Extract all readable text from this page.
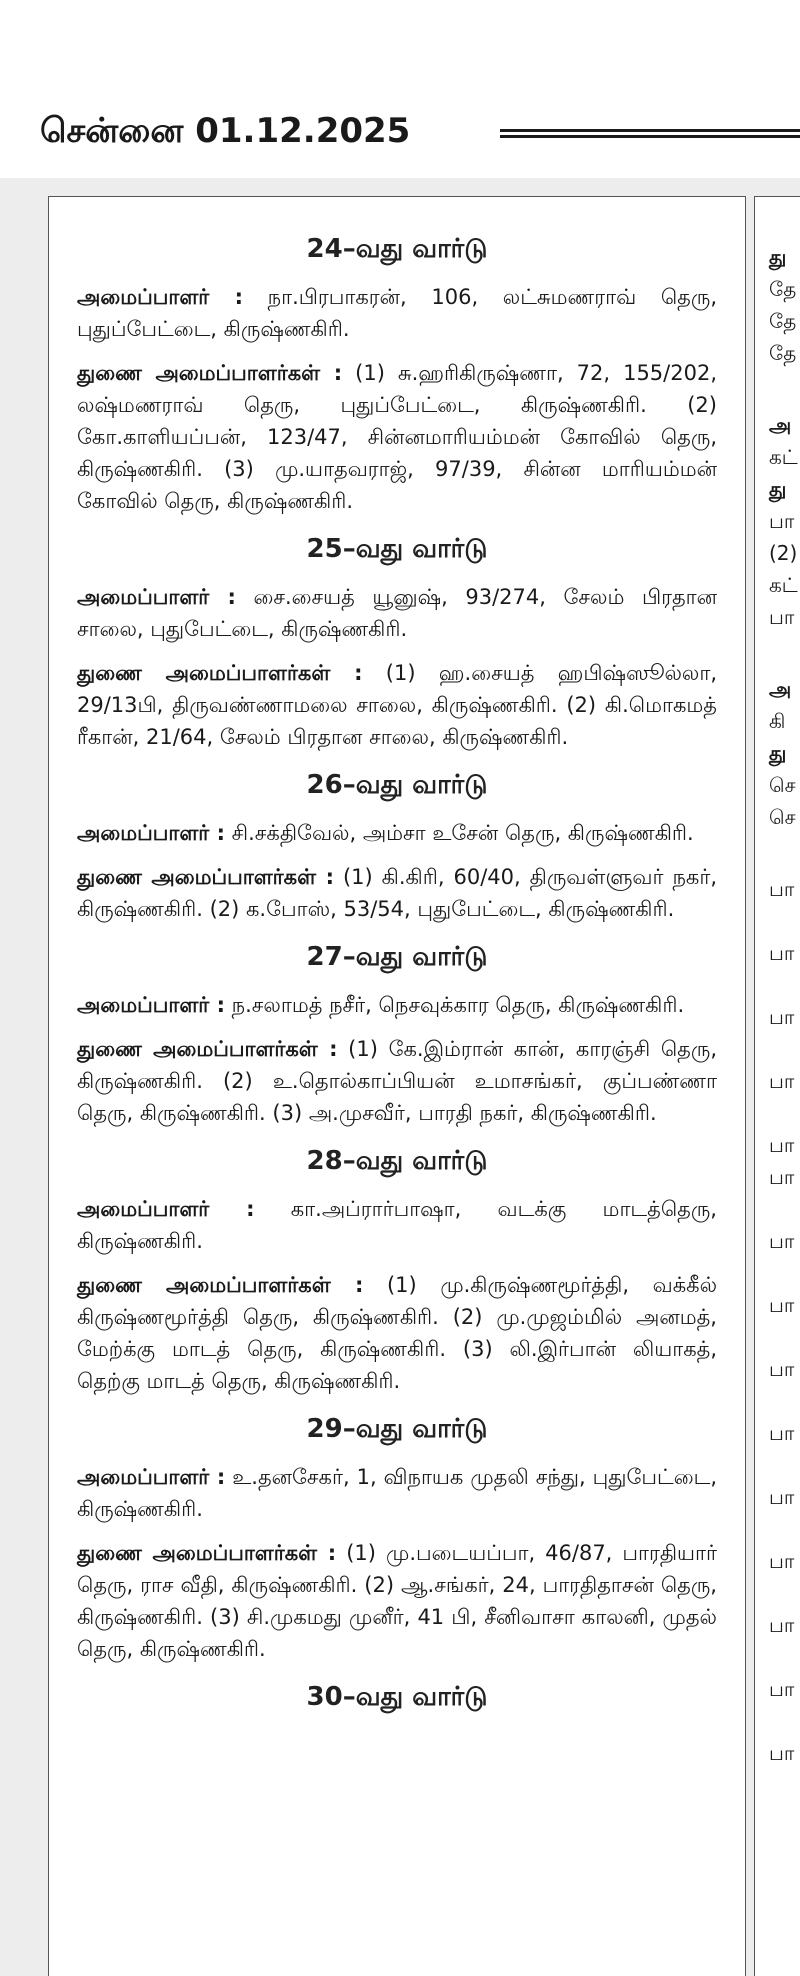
சென்னை 01.12.2025
24–வது வார்டு

அமைப்பாளர் : நா.பிரபாகரன், 106, லட்சுமணராவ் தெரு, புதுப்பேட்டை, கிருஷ்ணகிரி.

துணை அமைப்பாளர்கள் : (1) சு.ஹரிகிருஷ்ணா, 72, 155/202, லஷ்மணராவ் தெரு, புதுப்பேட்டை, கிருஷ்ணகிரி. (2) கோ.காளியப்பன், 123/47, சின்னமாரியம்மன் கோவில் தெரு, கிருஷ்ணகிரி. (3) மு.யாதவராஜ், 97/39, சின்ன மாரியம்மன் கோவில் தெரு, கிருஷ்ணகிரி.

25–வது வார்டு

அமைப்பாளர் : சை.சையத் யூனுஷ், 93/274, சேலம் பிரதான சாலை, புதுபேட்டை, கிருஷ்ணகிரி.

துணை அமைப்பாளர்கள் : (1) ஹ.சையத் ஹபிஷ்ஸூல்லா, 29/13பி, திருவண்ணாமலை சாலை, கிருஷ்ணகிரி. (2) கி.மொகமத் ரீகான், 21/64, சேலம் பிரதான சாலை, கிருஷ்ணகிரி.

26–வது வார்டு

அமைப்பாளர் : சி.சக்திவேல், அம்சா உசேன் தெரு, கிருஷ்ணகிரி.

துணை அமைப்பாளர்கள் : (1) கி.கிரி, 60/40, திருவள்ளுவர் நகர், கிருஷ்ணகிரி. (2) க.போஸ், 53/54, புதுபேட்டை, கிருஷ்ணகிரி.

27–வது வார்டு

அமைப்பாளர் : ந.சலாமத் நசீர், நெசவுக்கார தெரு, கிருஷ்ணகிரி.

துணை அமைப்பாளர்கள் : (1) கே.இம்ரான் கான், காரஞ்சி தெரு, கிருஷ்ணகிரி. (2) உ.தொல்காப்பியன் உமாசங்கர், குப்பண்ணா தெரு, கிருஷ்ணகிரி. (3) அ.முசவீர், பாரதி நகர், கிருஷ்ணகிரி.

28–வது வார்டு

அமைப்பாளர் : கா.அப்ரார்பாஷா, வடக்கு மாடத்தெரு, கிருஷ்ணகிரி.

துணை அமைப்பாளர்கள் : (1) மு.கிருஷ்ணமூர்த்தி, வக்கீல் கிருஷ்ணமூர்த்தி தெரு, கிருஷ்ணகிரி. (2) மு.முஜம்மில் அனமத், மேற்க்கு மாடத் தெரு, கிருஷ்ணகிரி. (3) லி.இர்பான் லியாகத், தெற்கு மாடத் தெரு, கிருஷ்ணகிரி.

29–வது வார்டு

அமைப்பாளர் : உ.தனசேகர், 1, விநாயக முதலி சந்து, புதுபேட்டை, கிருஷ்ணகிரி.

துணை அமைப்பாளர்கள் : (1) மு.படையப்பா, 46/87, பாரதியார் தெரு, ராச வீதி, கிருஷ்ணகிரி. (2) ஆ.சங்கர், 24, பாரதிதாசன் தெரு, கிருஷ்ணகிரி. (3) சி.முகமது முனீர், 41 பி, சீனிவாசா காலனி, முதல் தெரு, கிருஷ்ணகிரி.

30–வது வார்டு

து

தே

தே

தே

அ

கட்

து

பா

(2)

கட்

பா

அ

கி

து

செ

செ

பா

பா

பா

பா

பா

பா

பா

பா

பா

பா

பா

பா

பா

பா

பா
